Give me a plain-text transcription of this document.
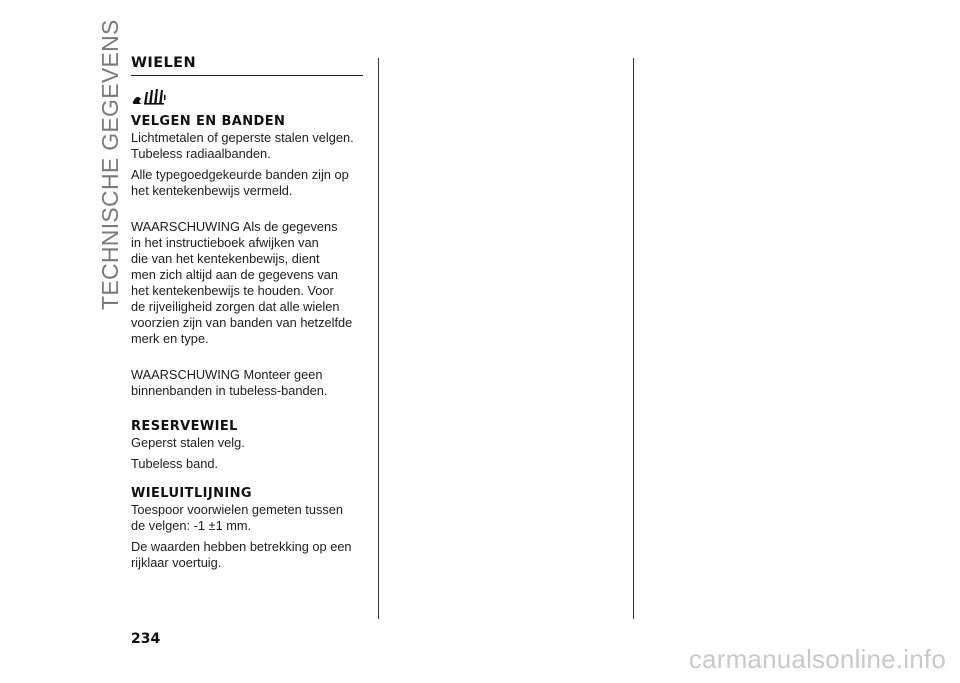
TECHNISCHE GEGEVENS WIELEN
VELGEN EN BANDEN

Lichtmetalen of geperste stalen velgen.

Tubeless radiaalbanden.

Alle typegoedgekeurde banden zijn op

het kentekenbewijs vermeld.

WAARSCHUWING Als de gegevens

in het instructieboek afwijken van

die van het kentekenbewijs, dient

men zich altijd aan de gegevens van

het kentekenbewijs te houden. Voor

de rijveiligheid zorgen dat alle wielen

voorzien zijn van banden van hetzelfde

merk en type.

WAARSCHUWING Monteer geen

binnenbanden in tubeless-banden.

RESERVEWIEL

Geperst stalen velg.

Tubeless band.

WIELUITLIJNING

Toespoor voorwielen gemeten tussen

de velgen: -1 ±1 mm.

De waarden hebben betrekking op een

rijklaar voertuig.

234
carmanualsonline.info
